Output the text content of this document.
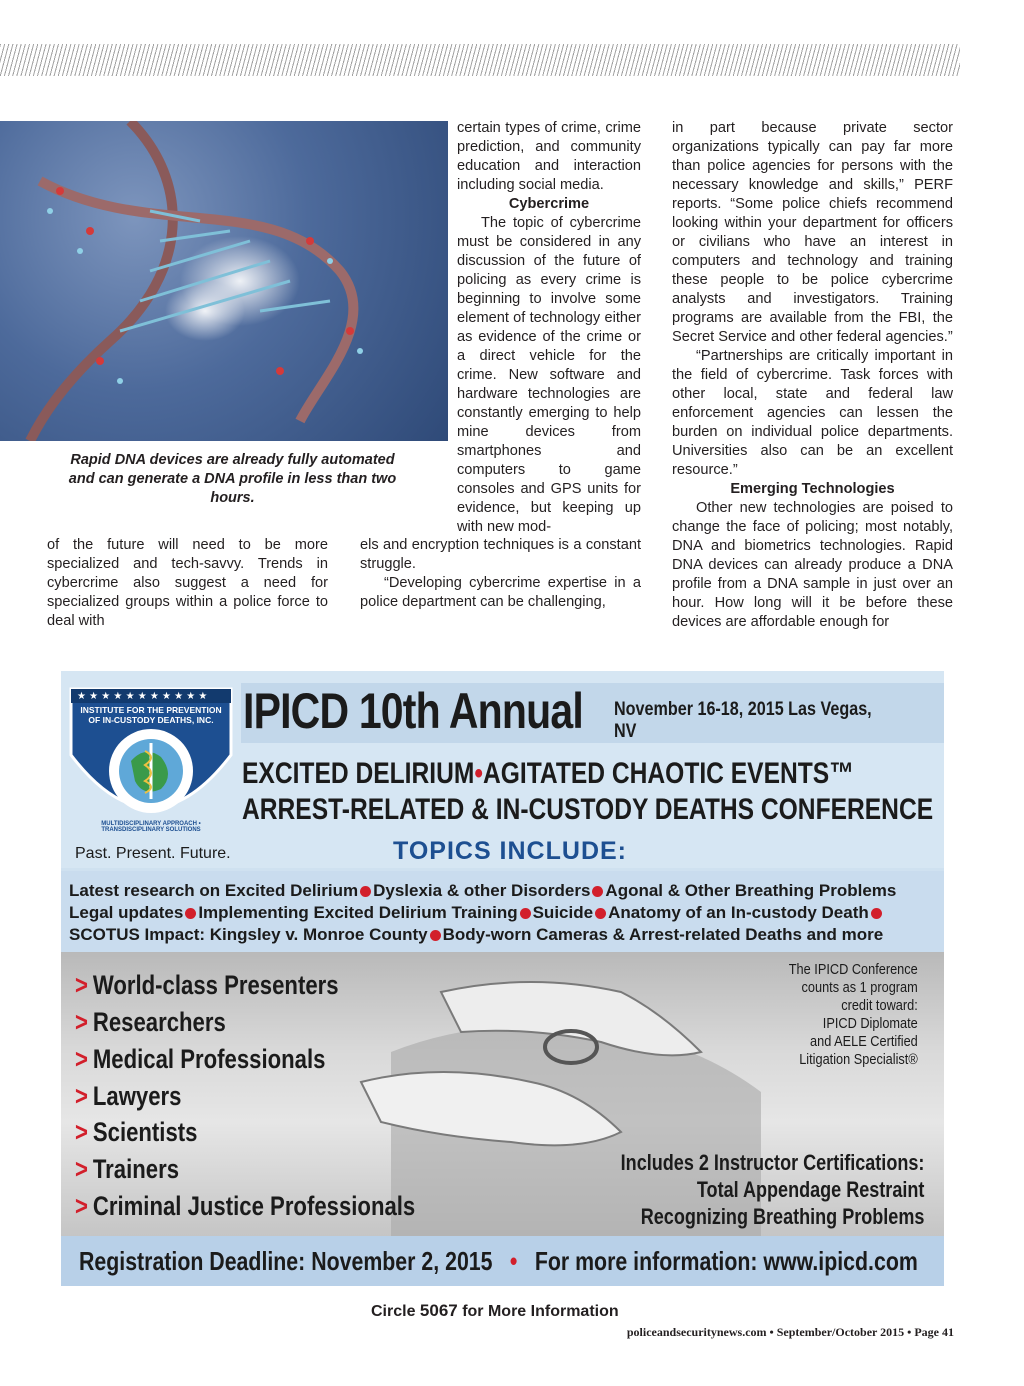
Rapid DNA devices are already fully automated and can generate a DNA profile in less than two hours.

certain types of crime, crime prediction, and community education and interaction including social media.

Cybercrime

The topic of cybercrime must be considered in any discussion of the future of policing as every crime is beginning to involve some element of technology either as evidence of the crime or a direct vehicle for the crime. New software and hardware technologies are constantly emerging to help mine devices from smartphones and computers to game consoles and GPS units for evidence, but keeping up with new mod-

of the future will need to be more specialized and tech-savvy. Trends in cybercrime also suggest a need for specialized groups within a police force to deal with

els and encryption techniques is a constant struggle.

“Developing cybercrime expertise in a police department can be challenging,

in part because private sector organizations typically can pay far more than police agencies for persons with the necessary knowledge and skills,” PERF reports. “Some police chiefs recommend looking within your department for officers or civilians who have an interest in computers and technology and training these people to be police cybercrime analysts and investigators. Training programs are available from the FBI, the Secret Service and other federal agencies.”

“Partnerships are critically important in the field of cybercrime. Task forces with other local, state and federal law enforcement agencies can lessen the burden on individual police departments. Universities also can be an excellent resource.”

Emerging Technologies

Other new technologies are poised to change the face of policing; most notably, DNA and biometrics technologies. Rapid DNA devices can already produce a DNA profile from a DNA sample in just over an hour. How long will it be before these devices are affordable enough for

★ ★ ★ ★ ★ ★ ★ ★ ★ ★ ★
INSTITUTE FOR THE PREVENTION OF IN-CUSTODY DEATHS, INC.
MULTIDISCIPLINARY APPROACH • TRANSDISCIPLINARY SOLUTIONS
IPICD 10th Annual November 16-18, 2015 Las Vegas, NV
EXCITED DELIRIUM•AGITATED CHAOTIC EVENTS™
ARREST-RELATED & IN-CUSTODY DEATHS CONFERENCE
Past. Present. Future.	TOPICS INCLUDE:
Latest research on Excited Delirium Dyslexia & other Disorders Agonal & Other Breathing Problems
Legal updates Implementing Excited Delirium Training Suicide Anatomy of an In-custody Death
SCOTUS Impact: Kingsley v. Monroe County Body-worn Cameras & Arrest-related Deaths and more
> World-class Presenters
> Researchers
> Medical Professionals
> Lawyers
> Scientists
> Trainers
> Criminal Justice Professionals
The IPICD Conference
counts as 1 program
credit toward:
IPICD Diplomate
and AELE Certified
Litigation Specialist®
Includes 2 Instructor Certifications:
Total Appendage Restraint
Recognizing Breathing Problems
Registration Deadline: November 2, 2015 • For more information: www.ipicd.com
Circle 5067 for More Information
policeandsecuritynews.com • September/October 2015 • Page 41
